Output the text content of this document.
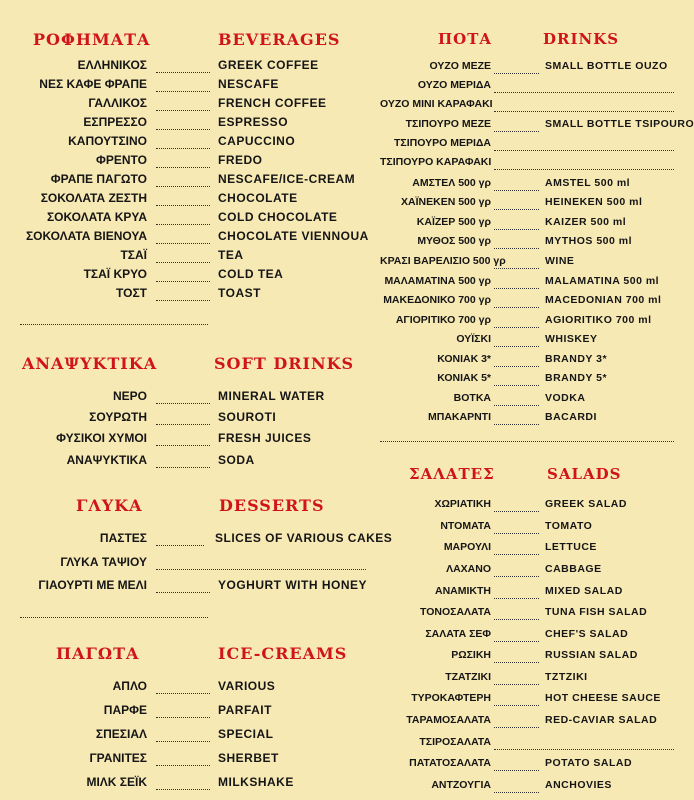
ΡΟΦΗΜΑΤΑ	BEVERAGES
ΕΛΛΗΝΙΚΟΣ	GREEK COFFEE
ΝΕΣ ΚΑΦΕ ΦΡΑΠΕ	NESCAFE
ΓΑΛΛΙΚΟΣ	FRENCH COFFEE
ΕΣΠΡΕΣΣΟ	ESPRESSO
ΚΑΠΟΥΤΣΙΝΟ	CAPUCCINO
ΦΡΕΝΤΟ	FREDO
ΦΡΑΠΕ ΠΑΓΩΤΟ	NESCAFE/ICE-CREAM
ΣΟΚΟΛΑΤΑ ΖΕΣΤΗ	CHOCOLATE
ΣΟΚΟΛΑΤΑ ΚΡΥΑ	COLD CHOCOLATE
ΣΟΚΟΛΑΤΑ ΒΙΕΝΟΥΑ	CHOCOLATE VIENNOUA
ΤΣΑΪ	TEA
ΤΣΑΪ ΚΡΥΟ	COLD TEA
ΤΟΣΤ	TOAST
ΑΝΑΨΥΚΤΙΚΑ	SOFT DRINKS
ΝΕΡΟ	MINERAL WATER
ΣΟΥΡΩΤΗ	SOUROTI
ΦΥΣΙΚΟΙ ΧΥΜΟΙ	FRESH JUICES
ΑΝΑΨΥΚΤΙΚΑ	SODA
ΓΛΥΚΑ	DESSERTS
ΠΑΣΤΕΣ	SLICES OF VARIOUS CAKES
ΓΛΥΚΑ ΤΑΨΙΟΥ
ΓΙΑΟΥΡΤΙ ΜΕ ΜΕΛΙ	YOGHURT WITH HONEY
ΠΑΓΩΤΑ	ICE-CREAMS
ΑΠΛΟ	VARIOUS
ΠΑΡΦΕ	PARFAIT
ΣΠΕΣΙΑΛ	SPECIAL
ΓΡΑΝΙΤΕΣ	SHERBET
ΜΙΛΚ ΣΕΪΚ	MILKSHAKE
ΠΟΤΑ	DRINKS
ΟΥΖΟ ΜΕΖΕ	SMALL BOTTLE OUZO
ΟΥΖΟ ΜΕΡΙΔΑ
ΟΥΖΟ ΜΙΝΙ ΚΑΡΑΦΑΚΙ
ΤΣΙΠΟΥΡΟ ΜΕΖΕ	SMALL BOTTLE TSIPOURO
ΤΣΙΠΟΥΡΟ ΜΕΡΙΔΑ
ΤΣΙΠΟΥΡΟ ΚΑΡΑΦΑΚΙ
ΑΜΣΤΕΛ 500 γρ	AMSTEL 500 ml
ΧΑΪΝΕΚΕΝ 500 γρ	HEINEKEN 500 ml
ΚΑΪΖΕΡ 500 γρ	KAIZER 500 ml
ΜΥΘΟΣ 500 γρ	MYTHOS 500 ml
ΚΡΑΣΙ ΒΑΡΕΛΙΣΙΟ 500 γρ	WINE
ΜΑΛΑΜΑΤΙΝΑ 500 γρ	MALAMATINA 500 ml
ΜΑΚΕΔΟΝΙΚΟ 700 γρ	MACEDONIAN 700 ml
ΑΓΙΟΡΙΤΙΚΟ 700 γρ	AGIORITIKO 700 ml
ΟΥΪΣΚΙ	WHISKEY
ΚΟΝΙΑΚ 3*	BRANDY 3*
ΚΟΝΙΑΚ 5*	BRANDY 5*
ΒΟΤΚΑ	VODKA
ΜΠΑΚΑΡΝΤΙ	BACARDI
ΣΑΛΑΤΕΣ	SALADS
ΧΩΡΙΑΤΙΚΗ	GREEK SALAD
ΝΤΟΜΑΤΑ	TOMATO
ΜΑΡΟΥΛΙ	LETTUCE
ΛΑΧΑΝΟ	CABBAGE
ΑΝΑΜΙΚΤΗ	MIXED SALAD
ΤΟΝΟΣΑΛΑΤΑ	TUNA FISH SALAD
ΣΑΛΑΤΑ ΣΕΦ	CHEF'S SALAD
ΡΩΣΙΚΗ	RUSSIAN SALAD
ΤΖΑΤΖΙΚΙ	TZTZIKI
ΤΥΡΟΚΑΦΤΕΡΗ	HOT CHEESE SAUCE
ΤΑΡΑΜΟΣΑΛΑΤΑ	RED-CAVIAR SALAD
ΤΣΙΡΟΣΑΛΑΤΑ
ΠΑΤΑΤΟΣΑΛΑΤΑ	POTATO SALAD
ΑΝΤΖΟΥΓΙΑ	ANCHOVIES
